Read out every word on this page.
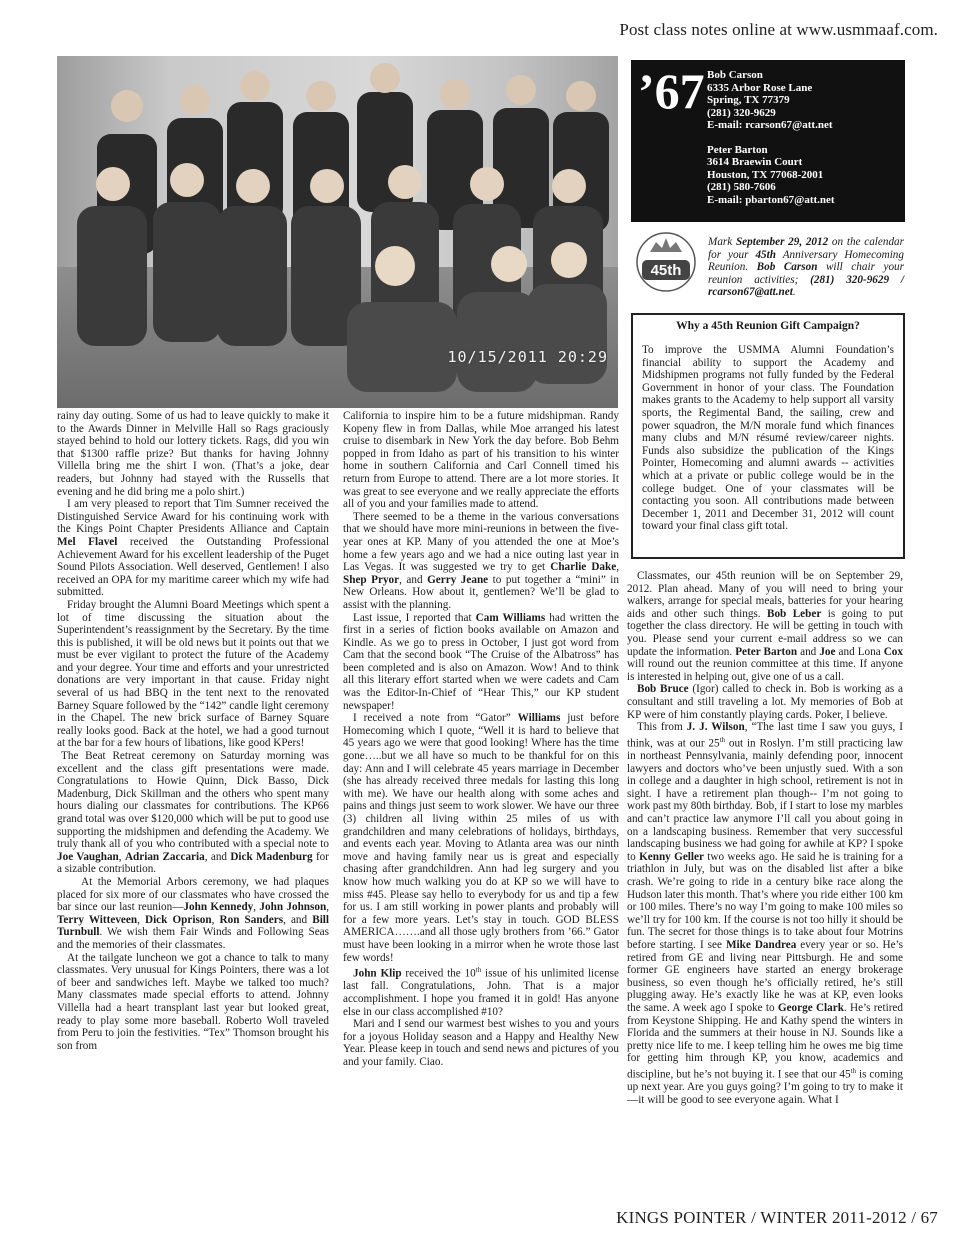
Post class notes online at www.usmmaaf.com.
10/15/2011 20:29
’67 Bob Carson
6335 Arbor Rose Lane
Spring, TX 77379
(281) 320-9629
E-mail: rcarson67@att.net
Peter Barton
3614 Braewin Court
Houston, TX 77068-2001
(281) 580-7606
E-mail: pbarton67@att.net
45th
Mark September 29, 2012 on the calendar for your 45th Anniversary Homecoming Reunion. Bob Carson will chair your reunion activities; (281) 320-9629 / rcarson67@att.net.
Why a 45th Reunion Gift Campaign?
To improve the USMMA Alumni Foundation’s financial ability to support the Academy and Midshipmen programs not fully funded by the Federal Government in honor of your class. The Foundation makes grants to the Academy to help support all varsity sports, the Regimental Band, the sailing, crew and power squadron, the M/N morale fund which finances many clubs and M/N résumé review/career nights. Funds also subsidize the publication of the Kings Pointer, Homecoming and alumni awards -- activities which at a private or public college would be in the college budget. One of your classmates will be contacting you soon. All contributions made between December 1, 2011 and December 31, 2012 will count toward your final class gift total.

rainy day outing. Some of us had to leave quickly to make it to the Awards Dinner in Melville Hall so Rags graciously stayed behind to hold our lottery tickets. Rags, did you win that $1300 raffle prize? But thanks for having Johnny Villella bring me the shirt I won. (That’s a joke, dear readers, but Johnny had stayed with the Russells that evening and he did bring me a polo shirt.)

I am very pleased to report that Tim Sumner received the Distinguished Service Award for his continuing work with the Kings Point Chapter Presidents Alliance and Captain Mel Flavel received the Outstanding Professional Achievement Award for his excellent leadership of the Puget Sound Pilots Association. Well deserved, Gentlemen! I also received an OPA for my maritime career which my wife had submitted.

Friday brought the Alumni Board Meetings which spent a lot of time discussing the situation about the Superintendent’s reassignment by the Secretary. By the time this is published, it will be old news but it points out that we must be ever vigilant to protect the future of the Academy and your degree. Your time and efforts and your unrestricted donations are very important in that cause. Friday night several of us had BBQ in the tent next to the renovated Barney Square followed by the “142” candle light ceremony in the Chapel. The new brick surface of Barney Square really looks good. Back at the hotel, we had a good turnout at the bar for a few hours of libations, like good KPers!

The Beat Retreat ceremony on Saturday morning was excellent and the class gift presentations were made. Congratulations to Howie Quinn, Dick Basso, Dick Madenburg, Dick Skillman and the others who spent many hours dialing our classmates for contributions. The KP66 grand total was over $120,000 which will be put to good use supporting the midshipmen and defending the Academy. We truly thank all of you who contributed with a special note to Joe Vaughan, Adrian Zaccaria, and Dick Madenburg for a sizable contribution.

At the Memorial Arbors ceremony, we had plaques placed for six more of our classmates who have crossed the bar since our last reunion—John Kennedy, John Johnson, Terry Witteveen, Dick Oprison, Ron Sanders, and Bill Turnbull. We wish them Fair Winds and Following Seas and the memories of their classmates.

At the tailgate luncheon we got a chance to talk to many classmates. Very unusual for Kings Pointers, there was a lot of beer and sandwiches left. Maybe we talked too much? Many classmates made special efforts to attend. Johnny Villella had a heart transplant last year but looked great, ready to play some more baseball. Roberto Woll traveled from Peru to join the festivities. “Tex” Thomson brought his son from

California to inspire him to be a future midshipman. Randy Kopeny flew in from Dallas, while Moe arranged his latest cruise to disembark in New York the day before. Bob Behm popped in from Idaho as part of his transition to his winter home in southern California and Carl Connell timed his return from Europe to attend. There are a lot more stories. It was great to see everyone and we really appreciate the efforts all of you and your families made to attend.

There seemed to be a theme in the various conversations that we should have more mini-reunions in between the five-year ones at KP. Many of you attended the one at Moe’s home a few years ago and we had a nice outing last year in Las Vegas. It was suggested we try to get Charlie Dake, Shep Pryor, and Gerry Jeane to put together a “mini” in New Orleans. How about it, gentlemen? We’ll be glad to assist with the planning.

Last issue, I reported that Cam Williams had written the first in a series of fiction books available on Amazon and Kindle. As we go to press in October, I just got word from Cam that the second book “The Cruise of the Albatross” has been completed and is also on Amazon. Wow! And to think all this literary effort started when we were cadets and Cam was the Editor-In-Chief of “Hear This,” our KP student newspaper!

I received a note from “Gator” Williams just before Homecoming which I quote, “Well it is hard to believe that 45 years ago we were that good looking! Where has the time gone…..but we all have so much to be thankful for on this day: Ann and I will celebrate 45 years marriage in December (she has already received three medals for lasting this long with me). We have our health along with some aches and pains and things just seem to work slower. We have our three (3) children all living within 25 miles of us with grandchildren and many celebrations of holidays, birthdays, and events each year. Moving to Atlanta area was our ninth move and having family near us is great and especially chasing after grandchildren. Ann had leg surgery and you know how much walking you do at KP so we will have to miss #45. Please say hello to everybody for us and tip a few for us. I am still working in power plants and probably will for a few more years. Let’s stay in touch. GOD BLESS AMERICA…….and all those ugly brothers from ’66.” Gator must have been looking in a mirror when he wrote those last few words!

John Klip received the 10th issue of his unlimited license last fall. Congratulations, John. That is a major accomplishment. I hope you framed it in gold! Has anyone else in our class accomplished #10?

Mari and I send our warmest best wishes to you and yours for a joyous Holiday season and a Happy and Healthy New Year. Please keep in touch and send news and pictures of you and your family. Ciao.

Classmates, our 45th reunion will be on September 29, 2012. Plan ahead. Many of you will need to bring your walkers, arrange for special meals, batteries for your hearing aids and other such things. Bob Leber is going to put together the class directory. He will be getting in touch with you. Please send your current e-mail address so we can update the information. Peter Barton and Joe and Lona Cox will round out the reunion committee at this time. If anyone is interested in helping out, give one of us a call.

Bob Bruce (Igor) called to check in. Bob is working as a consultant and still traveling a lot. My memories of Bob at KP were of him constantly playing cards. Poker, I believe.

This from J. J. Wilson, “The last time I saw you guys, I think, was at our 25th out in Roslyn. I’m still practicing law in northeast Pennsylvania, mainly defending poor, innocent lawyers and doctors who’ve been unjustly sued. With a son in college and a daughter in high school, retirement is not in sight. I have a retirement plan though-- I’m not going to work past my 80th birthday. Bob, if I start to lose my marbles and can’t practice law anymore I’ll call you about going in on a landscaping business. Remember that very successful landscaping business we had going for awhile at KP? I spoke to Kenny Geller two weeks ago. He said he is training for a triathlon in July, but was on the disabled list after a bike crash. We’re going to ride in a century bike race along the Hudson later this month. That’s where you ride either 100 km or 100 miles. There’s no way I’m going to make 100 miles so we’ll try for 100 km. If the course is not too hilly it should be fun. The secret for those things is to take about four Motrins before starting. I see Mike Dandrea every year or so. He’s retired from GE and living near Pittsburgh. He and some former GE engineers have started an energy brokerage business, so even though he’s officially retired, he’s still plugging away. He’s exactly like he was at KP, even looks the same. A week ago I spoke to George Clark. He’s retired from Keystone Shipping. He and Kathy spend the winters in Florida and the summers at their house in NJ. Sounds like a pretty nice life to me. I keep telling him he owes me big time for getting him through KP, you know, academics and discipline, but he’s not buying it. I see that our 45th is coming up next year. Are you guys going? I’m going to try to make it—it will be good to see everyone again. What I

KINGS POINTER / WINTER 2011-2012 / 67
